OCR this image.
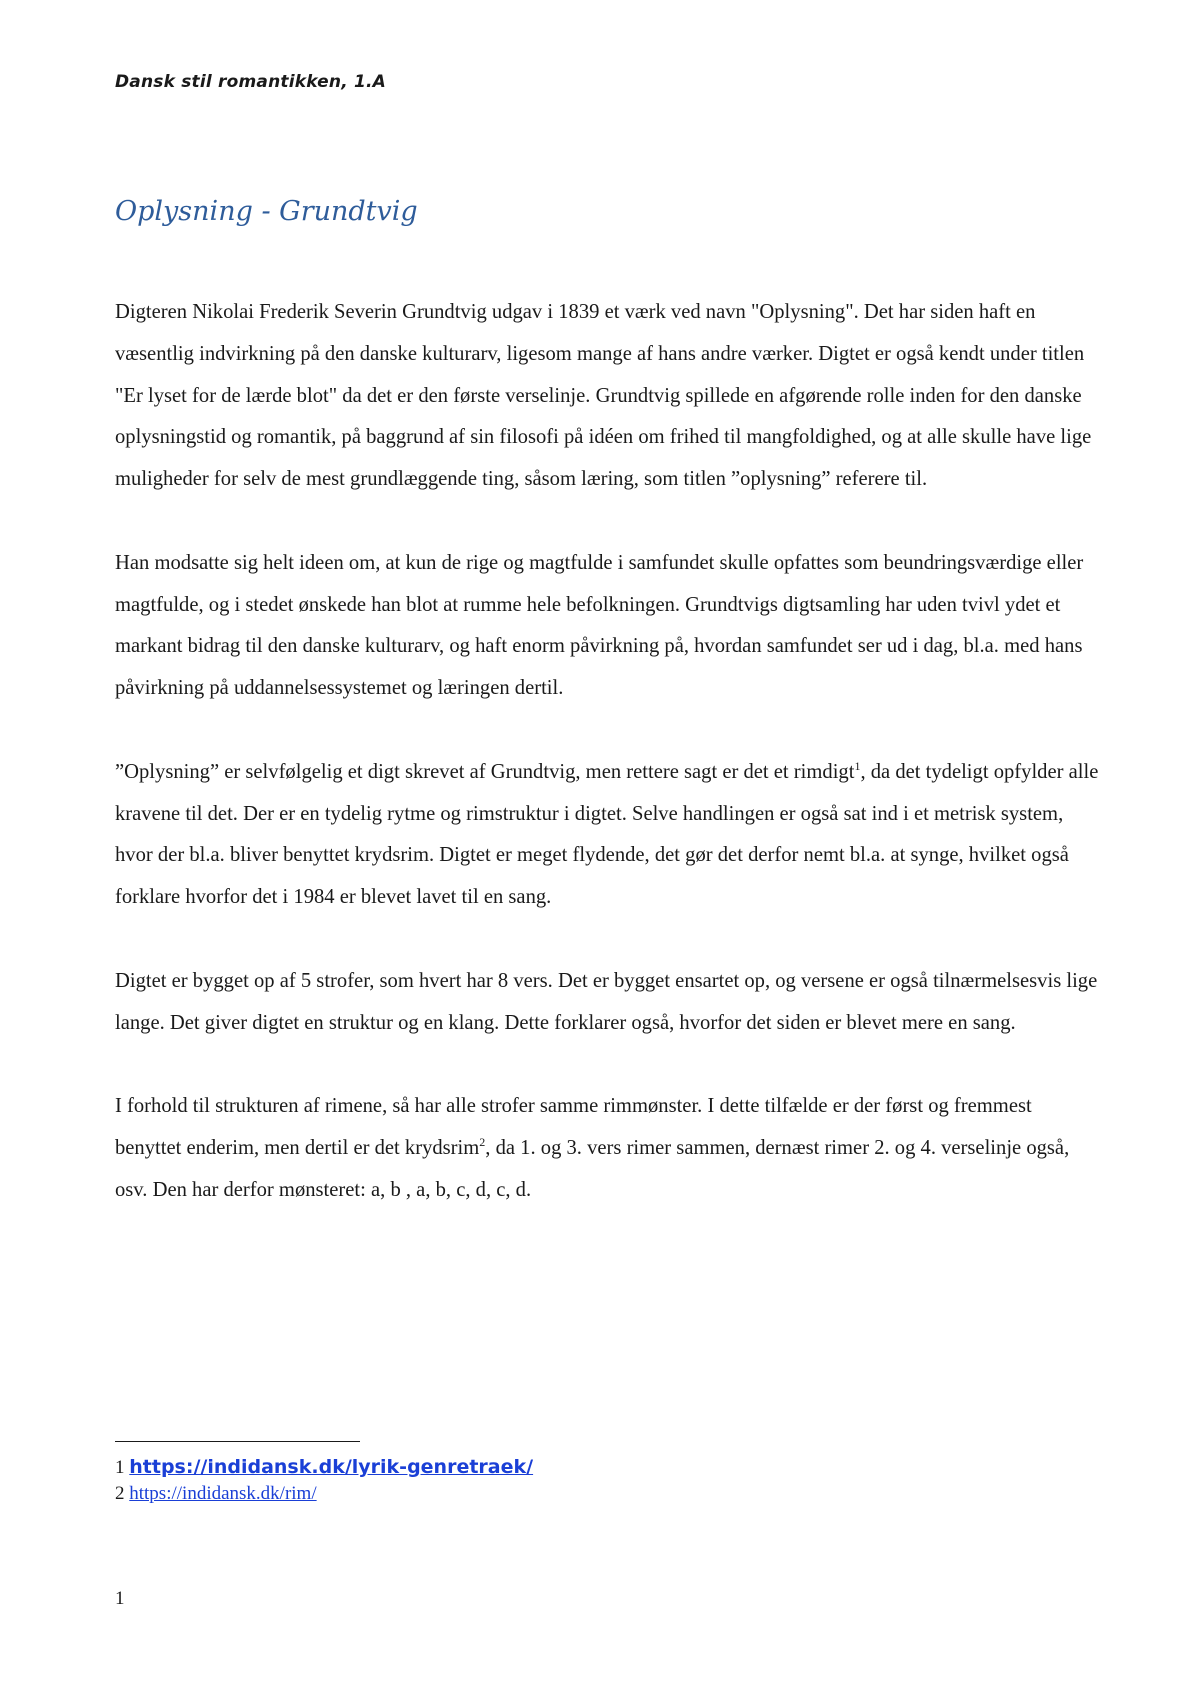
Dansk stil romantikken, 1.A
Oplysning - Grundtvig

Digteren Nikolai Frederik Severin Grundtvig udgav i 1839 et værk ved navn "Oplysning". Det har siden haft en væsentlig indvirkning på den danske kulturarv, ligesom mange af hans andre værker. Digtet er også kendt under titlen "Er lyset for de lærde blot" da det er den første verselinje. Grundtvig spillede en afgørende rolle inden for den danske oplysningstid og romantik, på baggrund af sin filosofi på idéen om frihed til mangfoldighed, og at alle skulle have lige muligheder for selv de mest grundlæggende ting, såsom læring, som titlen ”oplysning” referere til.

Han modsatte sig helt ideen om, at kun de rige og magtfulde i samfundet skulle opfattes som beundringsværdige eller magtfulde, og i stedet ønskede han blot at rumme hele befolkningen. Grundtvigs digtsamling har uden tvivl ydet et markant bidrag til den danske kulturarv, og haft enorm påvirkning på, hvordan samfundet ser ud i dag, bl.a. med hans påvirkning på uddannelsessystemet og læringen dertil.

”Oplysning” er selvfølgelig et digt skrevet af Grundtvig, men rettere sagt er det et rimdigt$^1$, da det tydeligt opfylder alle kravene til det. Der er en tydelig rytme og rimstruktur i digtet. Selve handlingen er også sat ind i et metrisk system, hvor der bl.a. bliver benyttet krydsrim. Digtet er meget flydende, det gør det derfor nemt bl.a. at synge, hvilket også forklare hvorfor det i 1984 er blevet lavet til en sang.

Digtet er bygget op af 5 strofer, som hvert har 8 vers. Det er bygget ensartet op, og versene er også tilnærmelsesvis lige lange. Det giver digtet en struktur og en klang. Dette forklarer også, hvorfor det siden er blevet mere en sang.

I forhold til strukturen af rimene, så har alle strofer samme rimmønster. I dette tilfælde er der først og fremmest benyttet enderim, men dertil er det krydsrim$^2$, da 1. og 3. vers rimer sammen, dernæst rimer 2. og 4. verselinje også, osv. Den har derfor mønsteret: a, b , a, b, c, d, c, d.

1 https://indidansk.dk/lyrik-genretraek/
2 https://indidansk.dk/rim/
1
